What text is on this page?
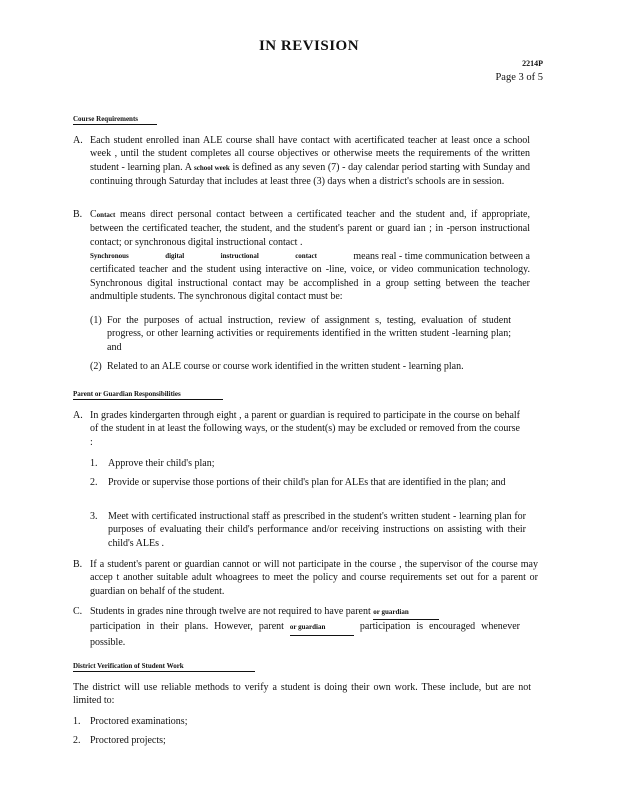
IN REVISION
2214P
Page 3 of 5
Course Requirements
A. Each student enrolled inan ALE course shall have contact with acertificated teacher at least once a school week , until the student completes all course objectives or otherwise meets the requirements of the written student - learning plan. A school week is defined as any seven (7) - day calendar period starting with Sunday and continuing through Saturday that includes at least three (3) days when a district's schools are in session.
B. Contact means direct personal contact between a certificated teacher and the student and, if appropriate, between the certificated teacher, the student, and the student's parent or guard ian ; in -person instructional contact; or synchronous digital instructional contact .
Synchronous	digital	instructional	contact	means real - time communication between a
certificated teacher and the student using interactive on -line, voice, or video communication technology. Synchronous digital instructional contact may be accomplished in a group setting between the teacher andmultiple students. The synchronous digital contact must be:
(1) For the purposes of actual instruction, review of assignment s, testing, evaluation of student progress, or other learning activities or requirements identified in the written student -learning plan; and
(2) Related to an ALE course or course work identified in the written student - learning plan.
Parent or Guardian Responsibilities
A. In grades kindergarten through eight , a parent or guardian is required to participate in the course on behalf of the student in at least the following ways, or the student(s) may be excluded or removed from the course :
1. Approve their child's plan;
2. Provide or supervise those portions of their child's plan for ALEs that are identified in the plan; and
3. Meet with certificated instructional staff as prescribed in the student's written student - learning plan for purposes of evaluating their child's performance and/or receiving instructions on assisting with their child's ALEs .
B. If a student's parent or guardian cannot or will not participate in the course , the supervisor of the course may accep t another suitable adult whoagrees to meet the policy and course requirements set out for a parent or guardian on behalf of the student.
C. Students in grades nine through twelve are not required to have parent or guardian
participation in their plans. However, parent or guardian	participation is encouraged whenever possible.
District Verification of Student Work
The district will use reliable methods to verify a student is doing their own work. These include, but are not limited to:
1. Proctored examinations;
2. Proctored projects;
